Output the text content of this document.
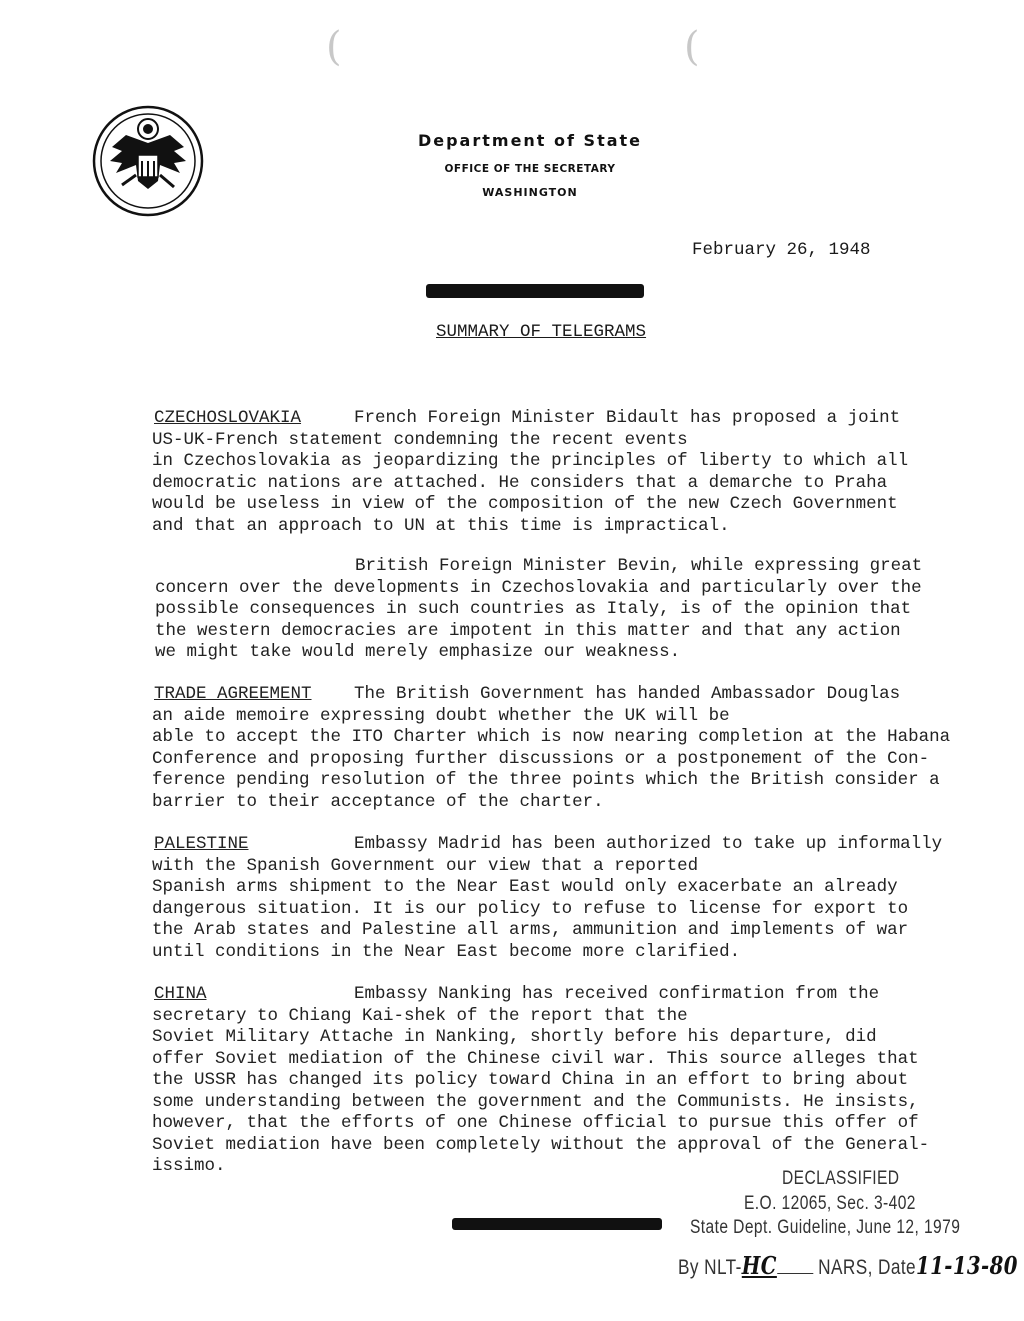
(	(
Department of State
OFFICE OF THE SECRETARY
WASHINGTON
February 26, 1948
SUMMARY OF TELEGRAMS
CZECHOSLOVAKIA	French Foreign Minister Bidault has proposed a joint
US-UK-French statement condemning the recent events
in Czechoslovakia as jeopardizing the principles of liberty to which all
democratic nations are attached. He considers that a demarche to Praha
would be useless in view of the composition of the new Czech Government
and that an approach to UN at this time is impractical.

British Foreign Minister Bevin, while expressing great
concern over the developments in Czechoslovakia and particularly over the
possible consequences in such countries as Italy, is of the opinion that
the western democracies are impotent in this matter and that any action
we might take would merely emphasize our weakness.

TRADE AGREEMENT	The British Government has handed Ambassador Douglas
an aide memoire expressing doubt whether the UK will be
able to accept the ITO Charter which is now nearing completion at the Habana
Conference and proposing further discussions or a postponement of the Con-
ference pending resolution of the three points which the British consider a
barrier to their acceptance of the charter.

PALESTINE	Embassy Madrid has been authorized to take up informally
with the Spanish Government our view that a reported
Spanish arms shipment to the Near East would only exacerbate an already
dangerous situation. It is our policy to refuse to license for export to
the Arab states and Palestine all arms, ammunition and implements of war
until conditions in the Near East become more clarified.

CHINA	Embassy Nanking has received confirmation from the
secretary to Chiang Kai-shek of the report that the
Soviet Military Attache in Nanking, shortly before his departure, did
offer Soviet mediation of the Chinese civil war. This source alleges that
the USSR has changed its policy toward China in an effort to bring about
some understanding between the government and the Communists. He insists,
however, that the efforts of one Chinese official to pursue this offer of
Soviet mediation have been completely without the approval of the General-
issimo.

DECLASSIFIED
E.O. 12065, Sec. 3-402
State Dept. Guideline, June 12, 1979
By NLT-HC NARS, Date11-13-80
